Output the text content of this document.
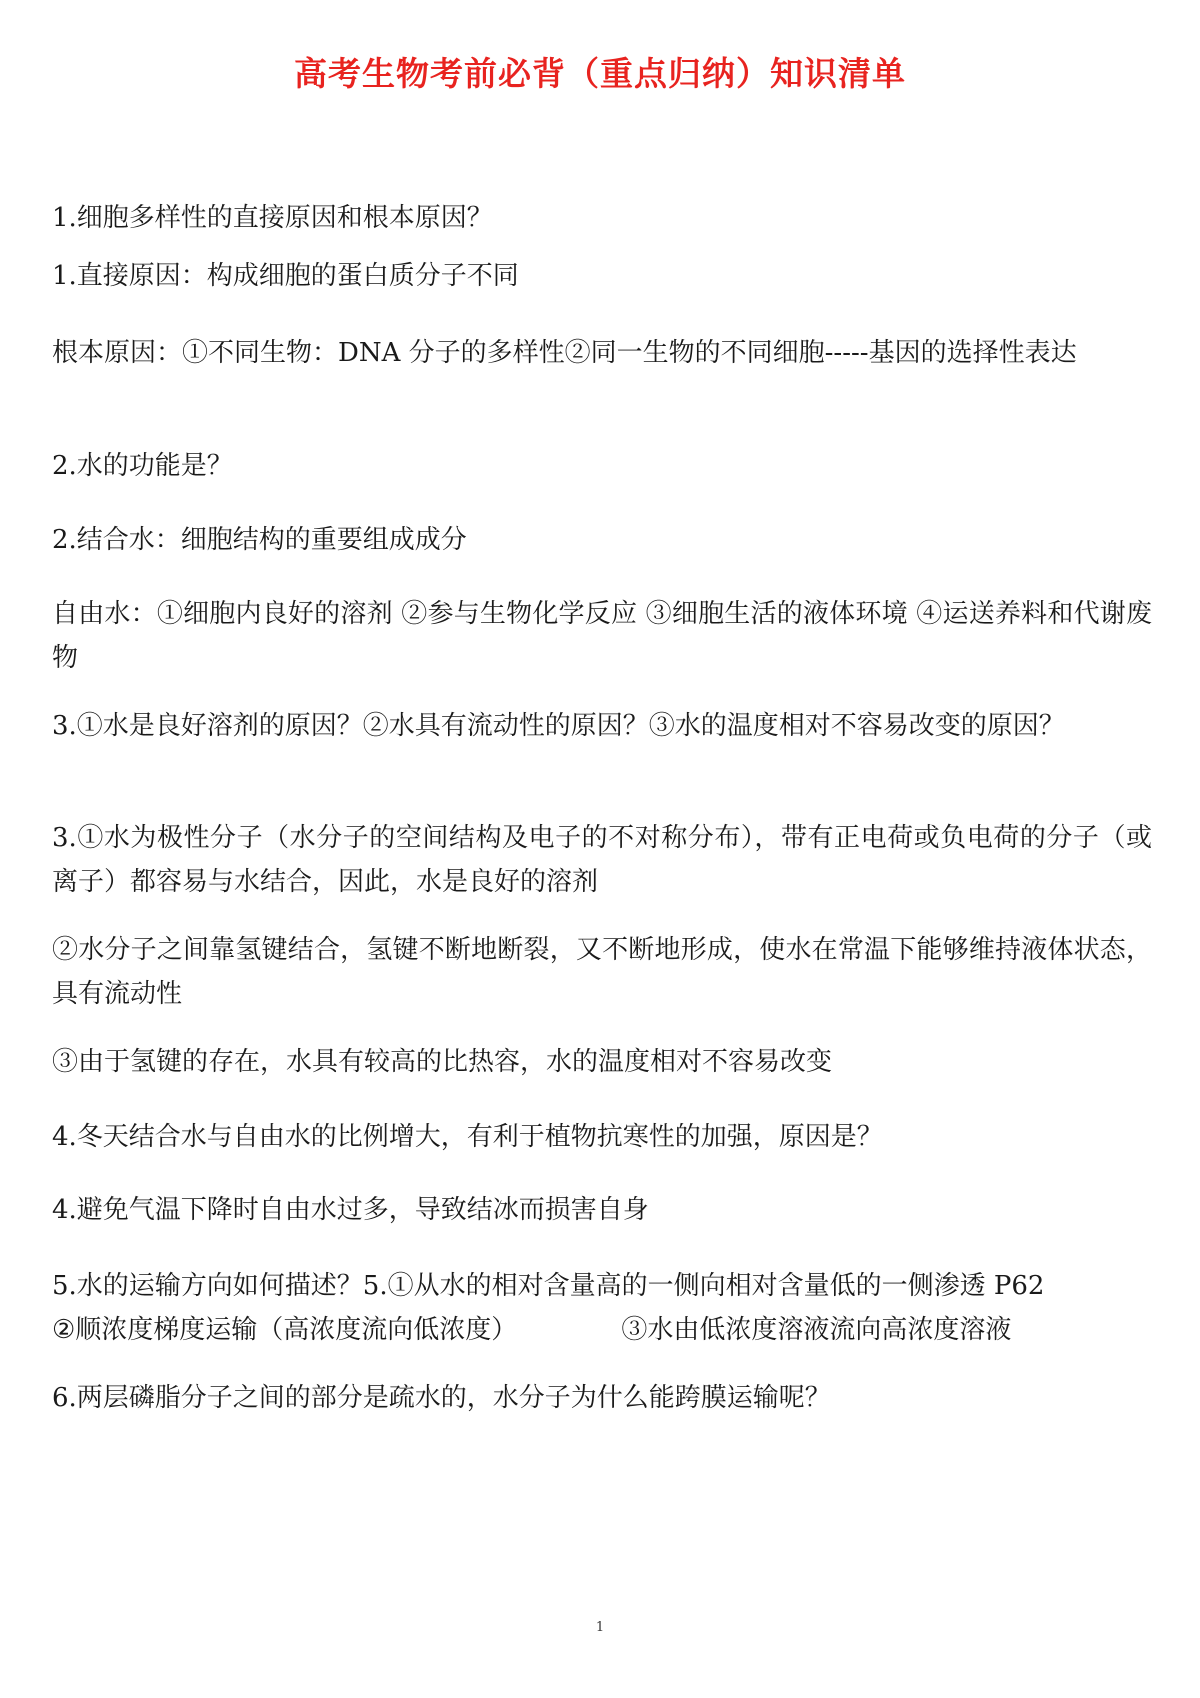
高考生物考前必背（重点归纳）知识清单
1.细胞多样性的直接原因和根本原因？
1.直接原因：构成细胞的蛋白质分子不同
根本原因：①不同生物：DNA 分子的多样性②同一生物的不同细胞-----基因的选择性表达
2.水的功能是？
2.结合水：细胞结构的重要组成成分
自由水：①细胞内良好的溶剂 ②参与生物化学反应 ③细胞生活的液体环境 ④运送养料和代谢废物
3.①水是良好溶剂的原因？②水具有流动性的原因？③水的温度相对不容易改变的原因？
3.①水为极性分子（水分子的空间结构及电子的不对称分布），带有正电荷或负电荷的分子（或离子）都容易与水结合，因此，水是良好的溶剂
②水分子之间靠氢键结合，氢键不断地断裂，又不断地形成，使水在常温下能够维持液体状态，具有流动性
③由于氢键的存在，水具有较高的比热容，水的温度相对不容易改变
4.冬天结合水与自由水的比例增大，有利于植物抗寒性的加强，原因是？
4.避免气温下降时自由水过多，导致结冰而损害自身
5.水的运输方向如何描述？5.①从水的相对含量高的一侧向相对含量低的一侧渗透 P62
②顺浓度梯度运输（高浓度流向低浓度）	③水由低浓度溶液流向高浓度溶液
6.两层磷脂分子之间的部分是疏水的，水分子为什么能跨膜运输呢？
1
